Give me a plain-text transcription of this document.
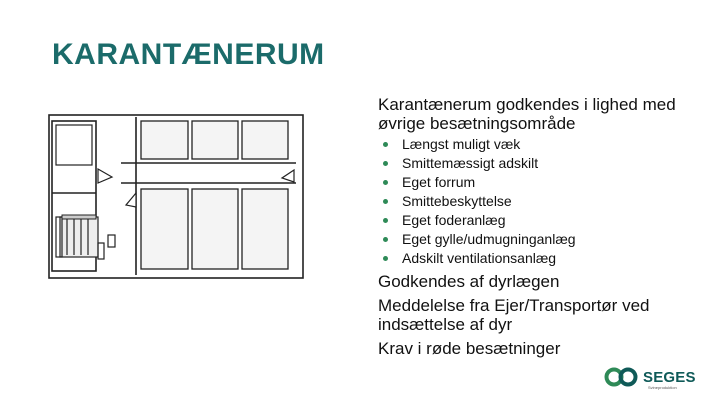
KARANTÆNERUM

Karantænerum godkendes i lighed med øvrige besætningsområde

Længst muligt væk
Smittemæssigt adskilt
Eget forrum
Smittebeskyttelse
Eget foderanlæg
Eget gylle/udmugninganlæg
Adskilt ventilationsanlæg

Godkendes af dyrlægen

Meddelelse fra Ejer/Transportør ved indsættelse af dyr

Krav i røde besætninger

SEGES
Svineproduktion
